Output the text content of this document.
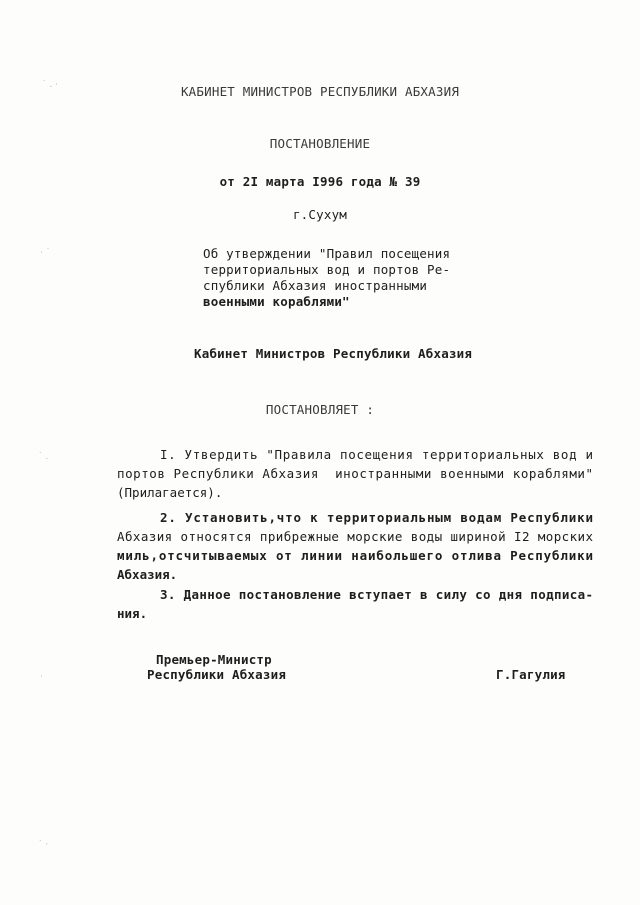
˙ . ·
· ˙
˙ .
·
˙ ·
КАБИНЕТ МИНИСТРОВ РЕСПУБЛИКИ АБХАЗИЯ
ПОСТАНОВЛЕНИЕ
от 2I марта I996 года № 39
г.Сухум
Об утверждении "Правил посещения
территориальных вод и портов Ре-
спублики Абхазия иностранными
военными кораблями"
Кабинет Министров Республики Абхазия
ПОСТАНОВЛЯЕТ :
I. Утвердить "Правила посещения территориальных вод и
портов Республики Абхазия  иностранными военными кораблями"
(Прилагается).
2. Установить,что к территориальным водам Республики
Абхазия относятся прибрежные морские воды шириной I2 морских
миль,отсчитываемых от линии наибольшего отлива Республики
Абхазия.
3. Данное постановление вступает в силу со дня подписа-
ния.
Премьер-Министр
Республики Абхазия	Г.Гагулия
